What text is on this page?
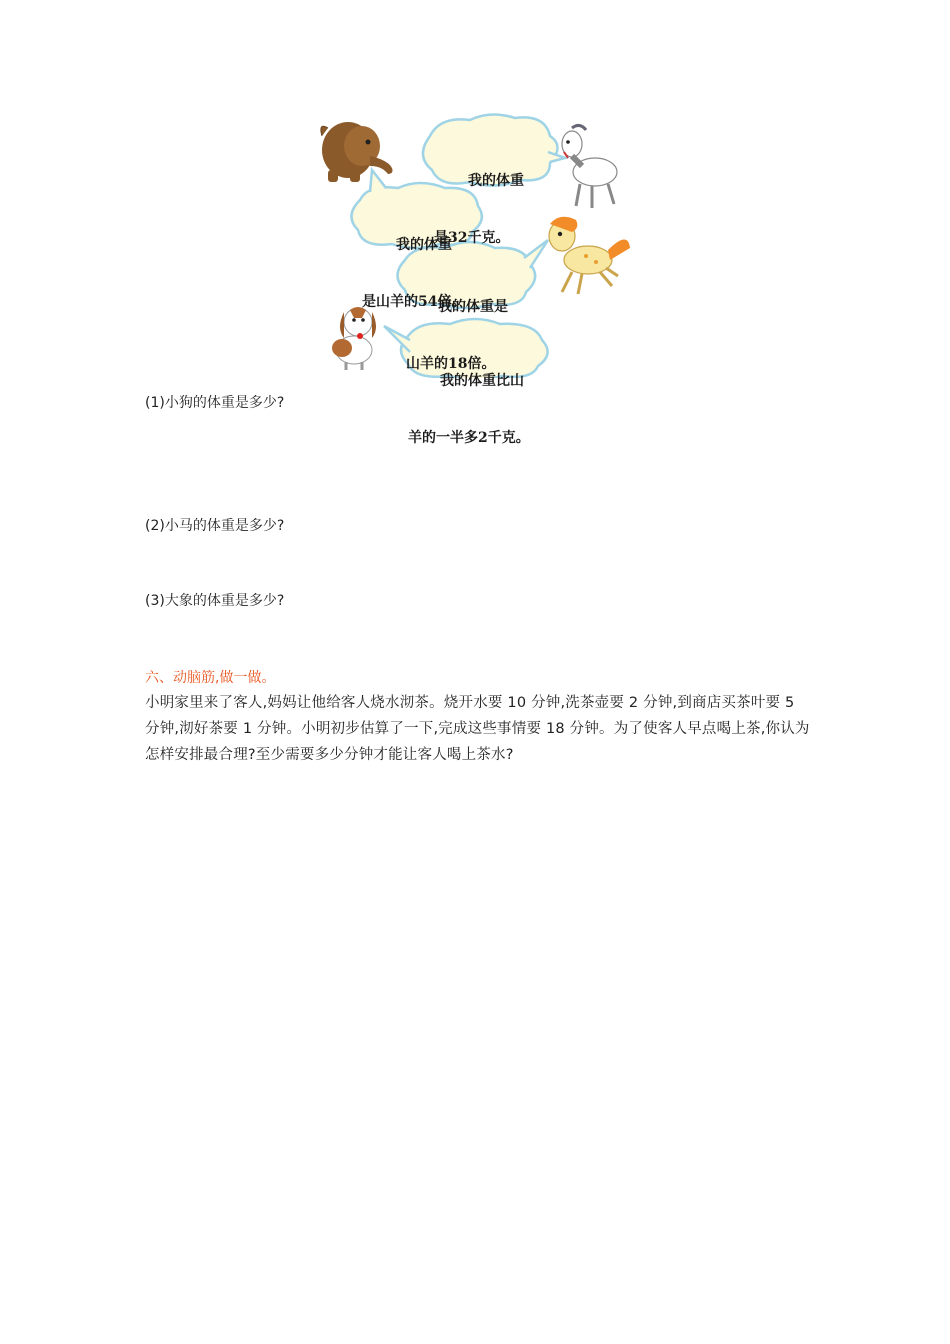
我的体重

是32千克。

我的体重

是山羊的54倍。

我的体重是

山羊的18倍。

我的体重比山

羊的一半多2千克。

(1)小狗的体重是多少?
(2)小马的体重是多少?
(3)大象的体重是多少?
六、动脑筋,做一做。
小明家里来了客人,妈妈让他给客人烧水沏茶。烧开水要 10 分钟,洗茶壶要 2 分钟,到商店买茶叶要 5 分钟,沏好茶要 1 分钟。小明初步估算了一下,完成这些事情要 18 分钟。为了使客人早点喝上茶,你认为怎样安排最合理?至少需要多少分钟才能让客人喝上茶水?
